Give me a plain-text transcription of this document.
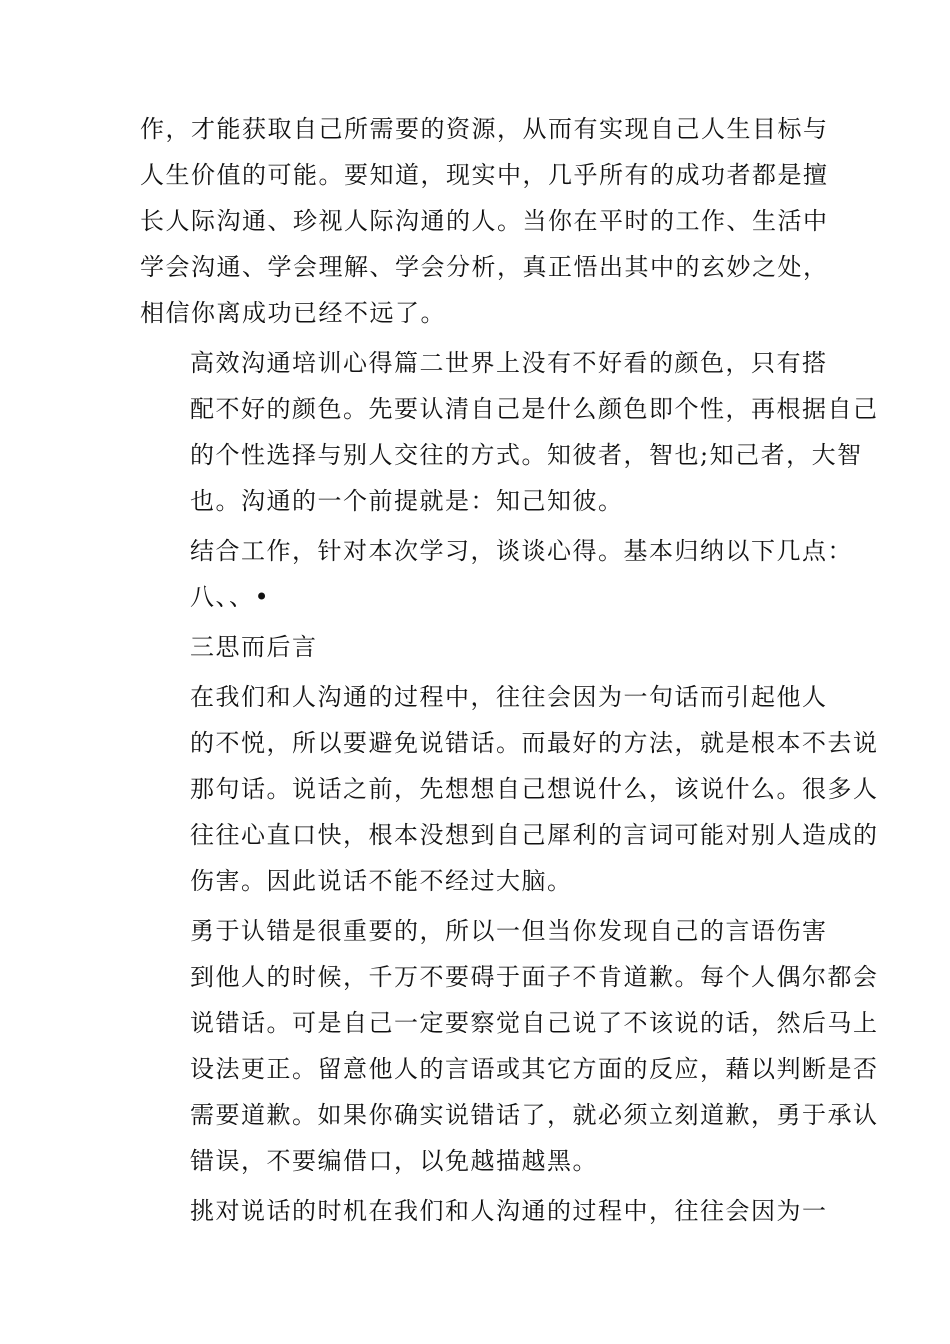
作，才能获取自己所需要的资源，从而有实现自己人生目标与
人生价值的可能。要知道，现实中，几乎所有的成功者都是擅
长人际沟通、珍视人际沟通的人。当你在平时的工作、生活中
学会沟通、学会理解、学会分析，真正悟出其中的玄妙之处，
相信你离成功已经不远了。

高效沟通培训心得篇二世界上没有不好看的颜色，只有搭
配不好的颜色。先要认清自己是什么颜色即个性，再根据自己
的个性选择与别人交往的方式。知彼者，智也;知己者，大智
也。沟通的一个前提就是：知己知彼。

结合工作，针对本次学习，谈谈心得。基本归纳以下几点：
八、、•

三思而后言

在我们和人沟通的过程中，往往会因为一句话而引起他人
的不悦，所以要避免说错话。而最好的方法，就是根本不去说
那句话。说话之前，先想想自己想说什么，该说什么。很多人
往往心直口快，根本没想到自己犀利的言词可能对别人造成的
伤害。因此说话不能不经过大脑。

勇于认错是很重要的，所以一但当你发现自己的言语伤害
到他人的时候，千万不要碍于面子不肯道歉。每个人偶尔都会
说错话。可是自己一定要察觉自己说了不该说的话，然后马上
设法更正。留意他人的言语或其它方面的反应，藉以判断是否
需要道歉。如果你确实说错话了，就必须立刻道歉，勇于承认
错误，不要编借口，以免越描越黑。

挑对说话的时机在我们和人沟通的过程中，往往会因为一
